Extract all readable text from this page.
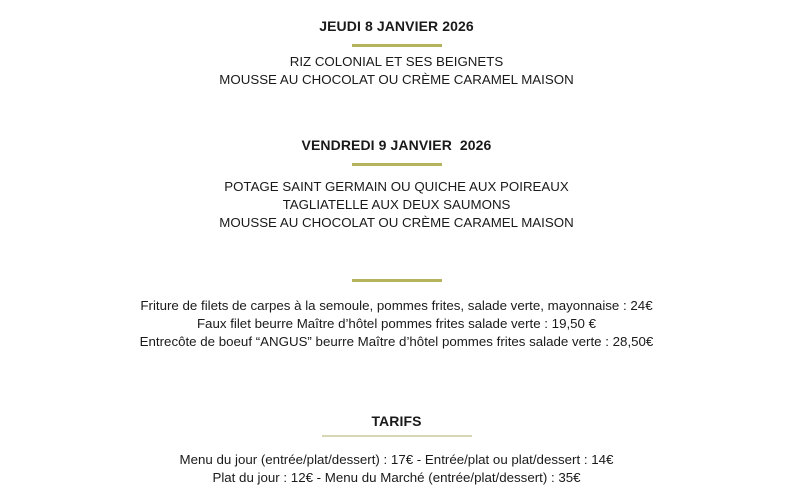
JEUDI 8 JANVIER 2026
RIZ COLONIAL ET SES BEIGNETS
MOUSSE AU CHOCOLAT OU CRÈME CARAMEL MAISON
VENDREDI 9 JANVIER  2026
POTAGE SAINT GERMAIN OU QUICHE AUX POIREAUX
TAGLIATELLE AUX DEUX SAUMONS
MOUSSE AU CHOCOLAT OU CRÈME CARAMEL MAISON
Friture de filets de carpes à la semoule, pommes frites, salade verte, mayonnaise : 24€
Faux filet beurre Maître d’hôtel pommes frites salade verte : 19,50 €
Entrecôte de boeuf “ANGUS” beurre Maître d’hôtel pommes frites salade verte : 28,50€
TARIFS
Menu du jour (entrée/plat/dessert) : 17€ - Entrée/plat ou plat/dessert : 14€
Plat du jour : 12€ - Menu du Marché (entrée/plat/dessert) : 35€
